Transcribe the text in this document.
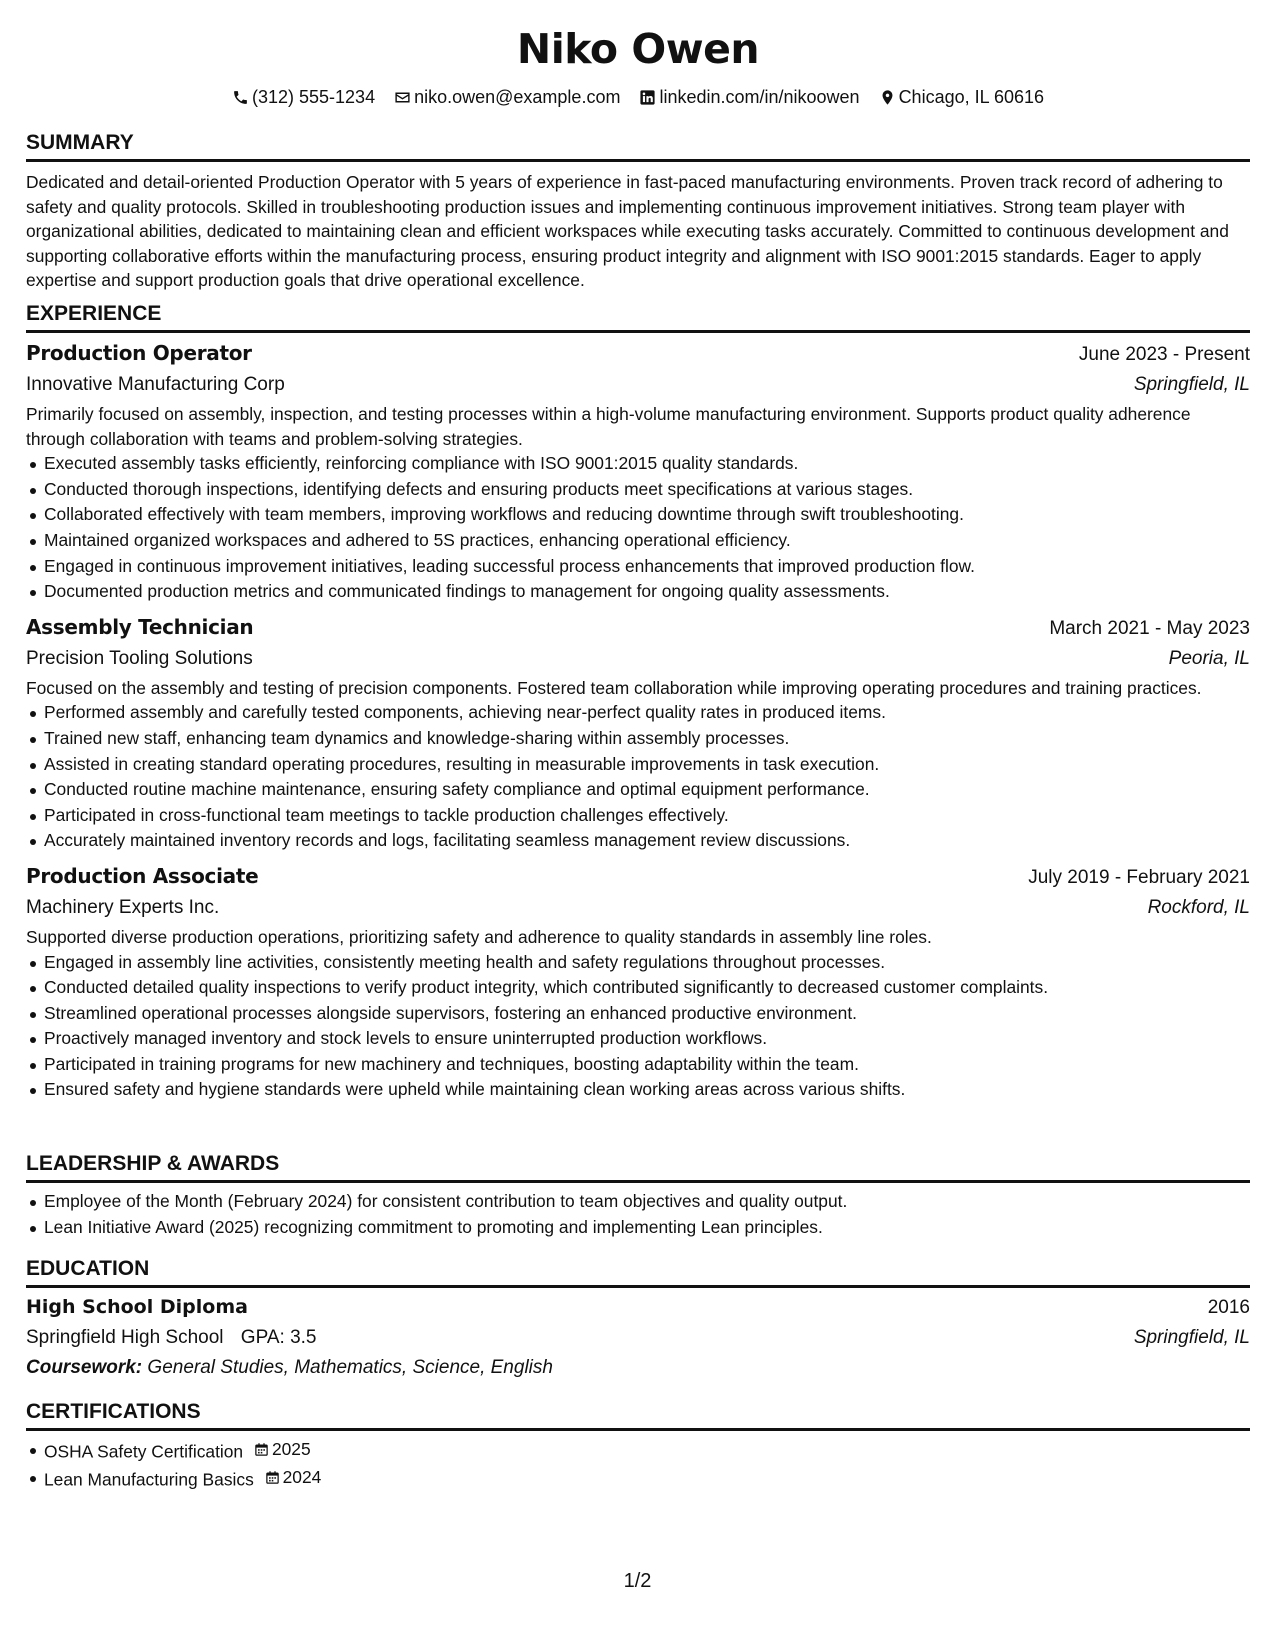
Niko Owen
(312) 555-1234 niko.owen@example.com linkedin.com/in/nikoowen Chicago, IL 60616
SUMMARY

Dedicated and detail-oriented Production Operator with 5 years of experience in fast-paced manufacturing environments. Proven track record of adhering to safety and quality protocols. Skilled in troubleshooting production issues and implementing continuous improvement initiatives. Strong team player with organizational abilities, dedicated to maintaining clean and efficient workspaces while executing tasks accurately. Committed to continuous development and supporting collaborative efforts within the manufacturing process, ensuring product integrity and alignment with ISO 9001:2015 standards. Eager to apply expertise and support production goals that drive operational excellence.

EXPERIENCE
Production Operator	June 2023 - Present
Innovative Manufacturing Corp	Springfield, IL

Primarily focused on assembly, inspection, and testing processes within a high-volume manufacturing environment. Supports product quality adherence through collaboration with teams and problem-solving strategies.

Executed assembly tasks efficiently, reinforcing compliance with ISO 9001:2015 quality standards.
Conducted thorough inspections, identifying defects and ensuring products meet specifications at various stages.
Collaborated effectively with team members, improving workflows and reducing downtime through swift troubleshooting.
Maintained organized workspaces and adhered to 5S practices, enhancing operational efficiency.
Engaged in continuous improvement initiatives, leading successful process enhancements that improved production flow.
Documented production metrics and communicated findings to management for ongoing quality assessments.
Assembly Technician	March 2021 - May 2023
Precision Tooling Solutions	Peoria, IL

Focused on the assembly and testing of precision components. Fostered team collaboration while improving operating procedures and training practices.

Performed assembly and carefully tested components, achieving near-perfect quality rates in produced items.
Trained new staff, enhancing team dynamics and knowledge-sharing within assembly processes.
Assisted in creating standard operating procedures, resulting in measurable improvements in task execution.
Conducted routine machine maintenance, ensuring safety compliance and optimal equipment performance.
Participated in cross-functional team meetings to tackle production challenges effectively.
Accurately maintained inventory records and logs, facilitating seamless management review discussions.
Production Associate	July 2019 - February 2021
Machinery Experts Inc.	Rockford, IL

Supported diverse production operations, prioritizing safety and adherence to quality standards in assembly line roles.

Engaged in assembly line activities, consistently meeting health and safety regulations throughout processes.
Conducted detailed quality inspections to verify product integrity, which contributed significantly to decreased customer complaints.
Streamlined operational processes alongside supervisors, fostering an enhanced productive environment.
Proactively managed inventory and stock levels to ensure uninterrupted production workflows.
Participated in training programs for new machinery and techniques, boosting adaptability within the team.
Ensured safety and hygiene standards were upheld while maintaining clean working areas across various shifts.
LEADERSHIP & AWARDS
Employee of the Month (February 2024) for consistent contribution to team objectives and quality output.
Lean Initiative Award (2025) recognizing commitment to promoting and implementing Lean principles.
EDUCATION
High School Diploma	2016
Springfield High School GPA: 3.5	Springfield, IL
Coursework: General Studies, Mathematics, Science, English
CERTIFICATIONS
OSHA Safety Certification 2025
Lean Manufacturing Basics 2024
1/2
